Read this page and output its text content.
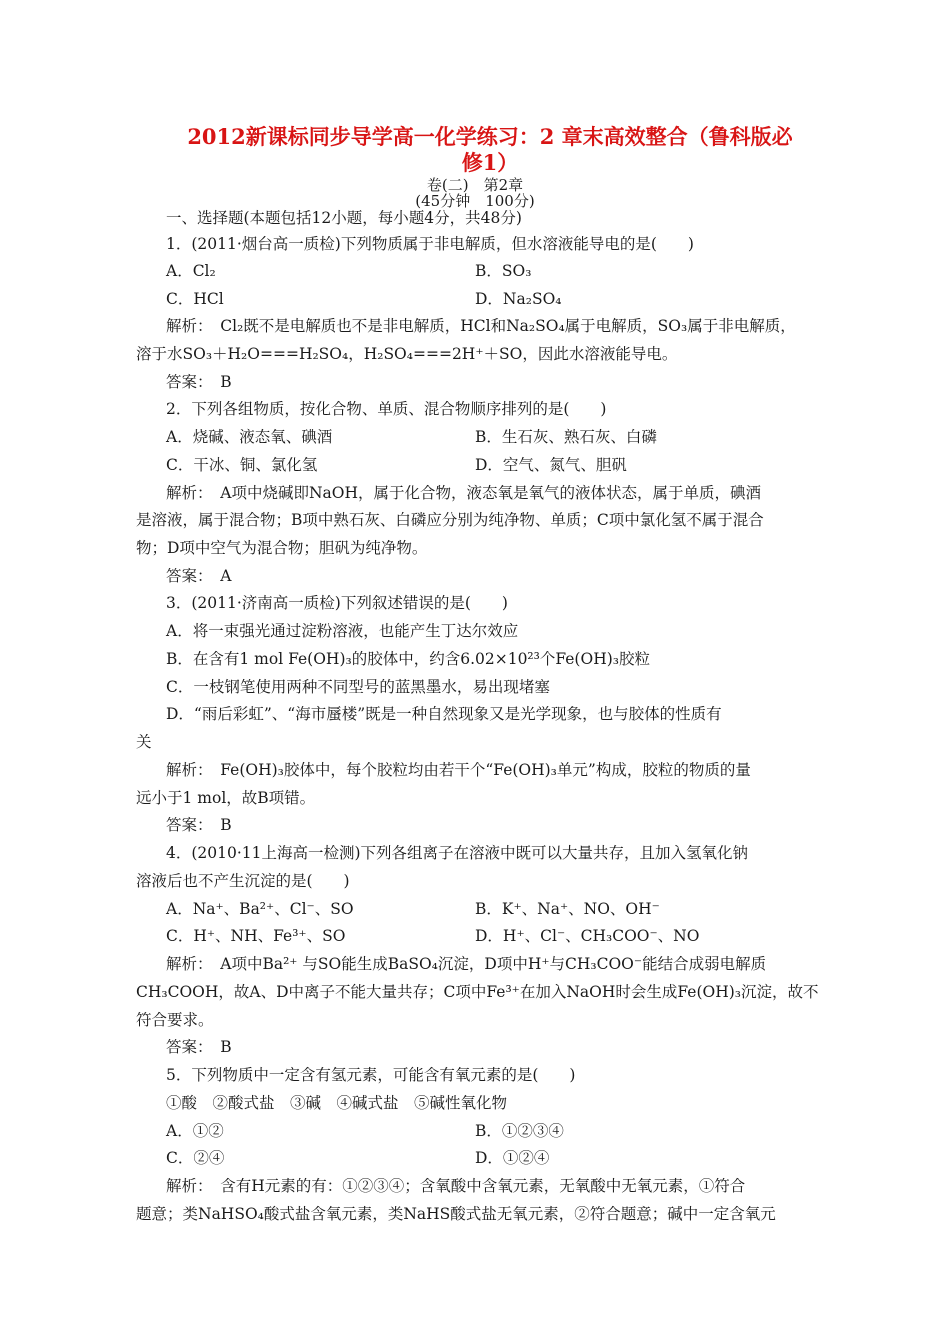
2012新课标同步导学高一化学练习：2 章末高效整合（鲁科版必
修1）
卷(二)　第2章
(45分钟　100分)
一、选择题(本题包括12小题，每小题4分，共48分)
1．(2011·烟台高一质检)下列物质属于非电解质，但水溶液能导电的是(　　)
A．Cl₂	B．SO₃
C．HCl	D．Na₂SO₄
解析：　Cl₂既不是电解质也不是非电解质，HCl和Na₂SO₄属于电解质，SO₃属于非电解质，
溶于水SO₃＋H₂O===H₂SO₄，H₂SO₄===2H⁺＋SO，因此水溶液能导电。
答案：　B
2．下列各组物质，按化合物、单质、混合物顺序排列的是(　　)
A．烧碱、液态氧、碘酒	B．生石灰、熟石灰、白磷
C．干冰、铜、氯化氢	D．空气、氮气、胆矾
解析：　A项中烧碱即NaOH，属于化合物，液态氧是氧气的液体状态，属于单质，碘酒
是溶液，属于混合物；B项中熟石灰、白磷应分别为纯净物、单质；C项中氯化氢不属于混合
物；D项中空气为混合物；胆矾为纯净物。
答案：　A
3．(2011·济南高一质检)下列叙述错误的是(　　)
A．将一束强光通过淀粉溶液，也能产生丁达尔效应
B．在含有1 mol Fe(OH)₃的胶体中，约含6.02×10²³个Fe(OH)₃胶粒
C．一枝钢笔使用两种不同型号的蓝黑墨水，易出现堵塞
D．“雨后彩虹”、“海市蜃楼”既是一种自然现象又是光学现象，也与胶体的性质有
关
解析：　Fe(OH)₃胶体中，每个胶粒均由若干个“Fe(OH)₃单元”构成，胶粒的物质的量
远小于1 mol，故B项错。
答案：　B
4．(2010·11上海高一检测)下列各组离子在溶液中既可以大量共存，且加入氢氧化钠
溶液后也不产生沉淀的是(　　)
A．Na⁺、Ba²⁺、Cl⁻、SO	B．K⁺、Na⁺、NO、OH⁻
C．H⁺、NH、Fe³⁺、SO	D．H⁺、Cl⁻、CH₃COO⁻、NO
解析：　A项中Ba²⁺ 与SO能生成BaSO₄沉淀，D项中H⁺与CH₃COO⁻能结合成弱电解质
CH₃COOH，故A、D中离子不能大量共存；C项中Fe³⁺在加入NaOH时会生成Fe(OH)₃沉淀，故不
符合要求。
答案：　B
5．下列物质中一定含有氢元素，可能含有氧元素的是(　　)
①酸　②酸式盐　③碱　④碱式盐　⑤碱性氧化物
A．①②	B．①②③④
C．②④	D．①②④
解析：　含有H元素的有：①②③④；含氧酸中含氧元素，无氧酸中无氧元素，①符合
题意；类NaHSO₄酸式盐含氧元素，类NaHS酸式盐无氧元素，②符合题意；碱中一定含氧元
